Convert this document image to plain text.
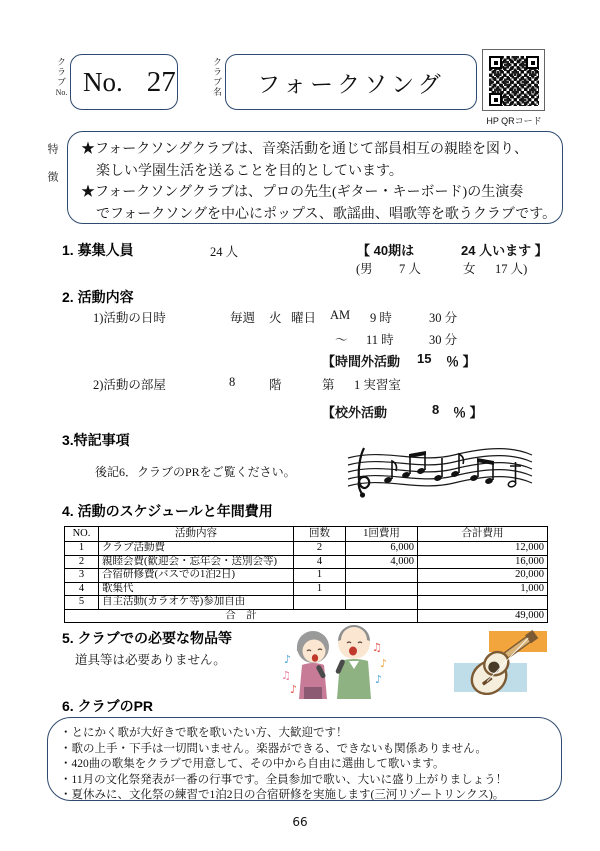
クラブ
No. No. 27	クラブ名 フォークソング
HP QRコード
特徴 ★フォークソングクラブは、音楽活動を通じて部員相互の親睦を図り、
楽しい学園生活を送ることを目的としています。
★フォークソングクラブは、プロの先生(ギター・キーボード)の生演奏
でフォークソングを中心にポップス、歌謡曲、唱歌等を歌うクラブです。
1. 募集人員	24 人	【 40期は	24 人います 】
(男 7 人	女 17 人)
2. 活動内容
1)活動の日時	毎週 火 曜日 AM 9 時	30 分
～ 11 時	30 分
【時間外活動 15 ％ 】
2)活動の部屋	8	階	第 1 実習室
【校外活動	8 ％ 】
3.特記事項
後記6．クラブのPRをご覧ください。
4. 活動のスケジュールと年間費用
NO.	活動内容	回数	1回費用	合計費用
1	クラブ活動費	2	6,000	12,000
2	親睦会費(歓迎会・忘年会・送別会等)	4	4,000	16,000
3	合宿研修費(バスでの1泊2日)	1		20,000
4	歌集代	1		1,000
5	自主活動(カラオケ等)参加自由			
合　計				49,000
5. クラブでの必要な物品等
道具等は必要ありません。	♪
♫
♪
♫
♪
♪
6. クラブのPR
・とにかく歌が大好きで歌を歌いたい方、大歓迎です！
・歌の上手・下手は一切問いません。楽器ができる、できないも関係ありません。
・420曲の歌集をクラブで用意して、その中から自由に選曲して歌います。
・11月の文化祭発表が一番の行事です。全員参加で歌い、大いに盛り上がりましょう！
・夏休みに、文化祭の練習で1泊2日の合宿研修を実施します(三河リゾートリンクス)。
66
